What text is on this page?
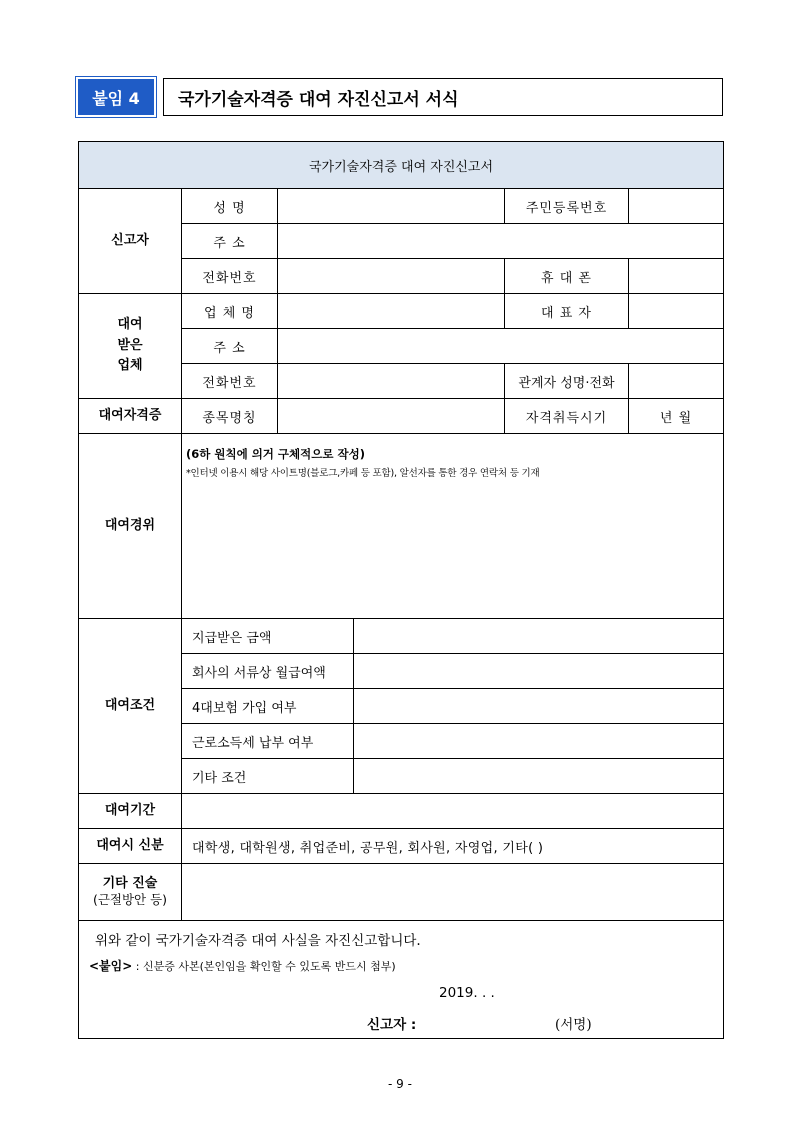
붙임 4	국가기술자격증 대여 자진신고서 서식
국가기술자격증 대여 자진신고서					
신고자	성 명			주민등록번호	
	주 소				
	전화번호			휴 대 폰	
대여
받은
업체	업 체 명			대 표 자	
	주 소				
	전화번호			관계자 성명·전화	
대여자격증	종목명칭			자격취득시기	년 월
대여경위	(6하 원칙에 의거 구체적으로 작성)
*인터넷 이용시 해당 사이트명(블로그,카페 등 포함), 알선자를 통한 경우 연락처 등 기재				

대여조건	지급받은 금액				
	회사의 서류상 월급여액				
	4대보험 가입 여부				
	근로소득세 납부 여부				
	기타 조건				
대여기간					
대여시 신분	대학생, 대학원생, 취업준비, 공무원, 회사원, 자영업, 기타( )				
기타 진술
(근절방안 등)					

위와 같이 국가기술자격증 대여 사실을 자진신고합니다.
<붙임> : 신분증 사본(본인임을 확인할 수 있도록 반드시 첨부)
2019. . .
신고자 : (서명)					
- 9 -
